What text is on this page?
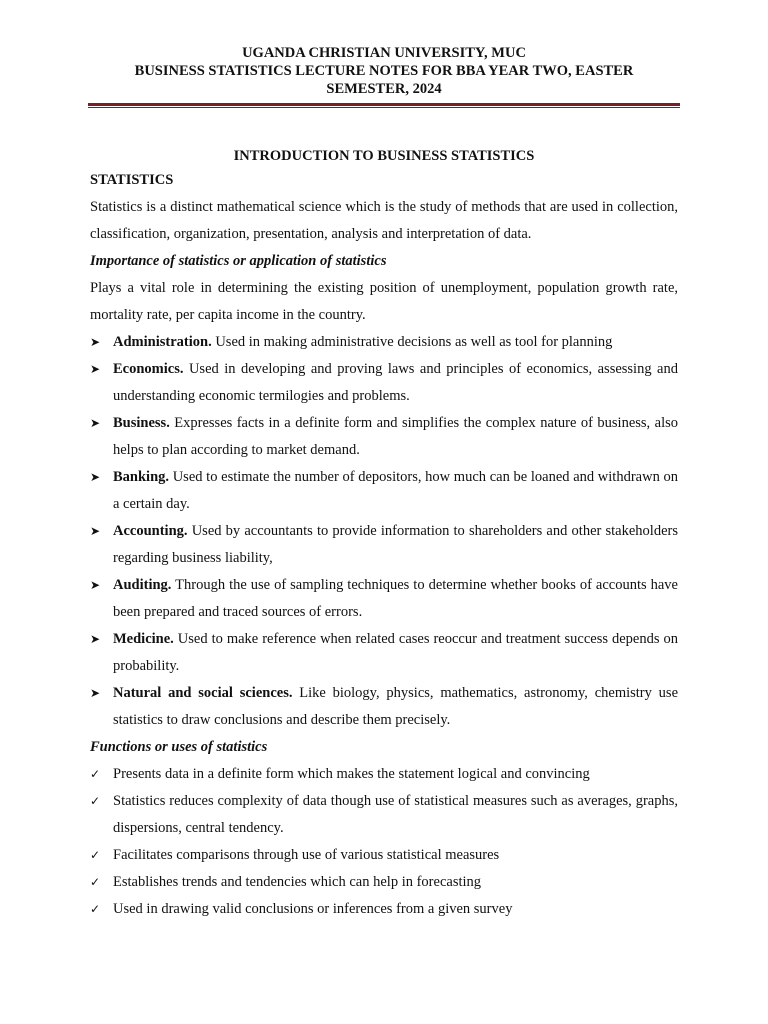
UGANDA CHRISTIAN UNIVERSITY, MUC
BUSINESS STATISTICS LECTURE NOTES FOR BBA YEAR TWO, EASTER
SEMESTER, 2024
INTRODUCTION TO BUSINESS STATISTICS
STATISTICS
Statistics is a distinct mathematical science which is the study of methods that are used in collection, classification, organization, presentation, analysis and interpretation of data.
Importance of statistics or application of statistics
Plays a vital role in determining the existing position of unemployment, population growth rate, mortality rate, per capita income in the country.
➤ Administration. Used in making administrative decisions as well as tool for planning
➤ Economics. Used in developing and proving laws and principles of economics, assessing and understanding economic termilogies and problems.
➤ Business. Expresses facts in a definite form and simplifies the complex nature of business, also helps to plan according to market demand.
➤ Banking. Used to estimate the number of depositors, how much can be loaned and withdrawn on a certain day.
➤ Accounting. Used by accountants to provide information to shareholders and other stakeholders regarding business liability,
➤ Auditing. Through the use of sampling techniques to determine whether books of accounts have been prepared and traced sources of errors.
➤ Medicine. Used to make reference when related cases reoccur and treatment success depends on probability.
➤ Natural and social sciences. Like biology, physics, mathematics, astronomy, chemistry use statistics to draw conclusions and describe them precisely.
Functions or uses of statistics
✓ Presents data in a definite form which makes the statement logical and convincing
✓ Statistics reduces complexity of data though use of statistical measures such as averages, graphs, dispersions, central tendency.
✓ Facilitates comparisons through use of various statistical measures
✓ Establishes trends and tendencies which can help in forecasting
✓ Used in drawing valid conclusions or inferences from a given survey
